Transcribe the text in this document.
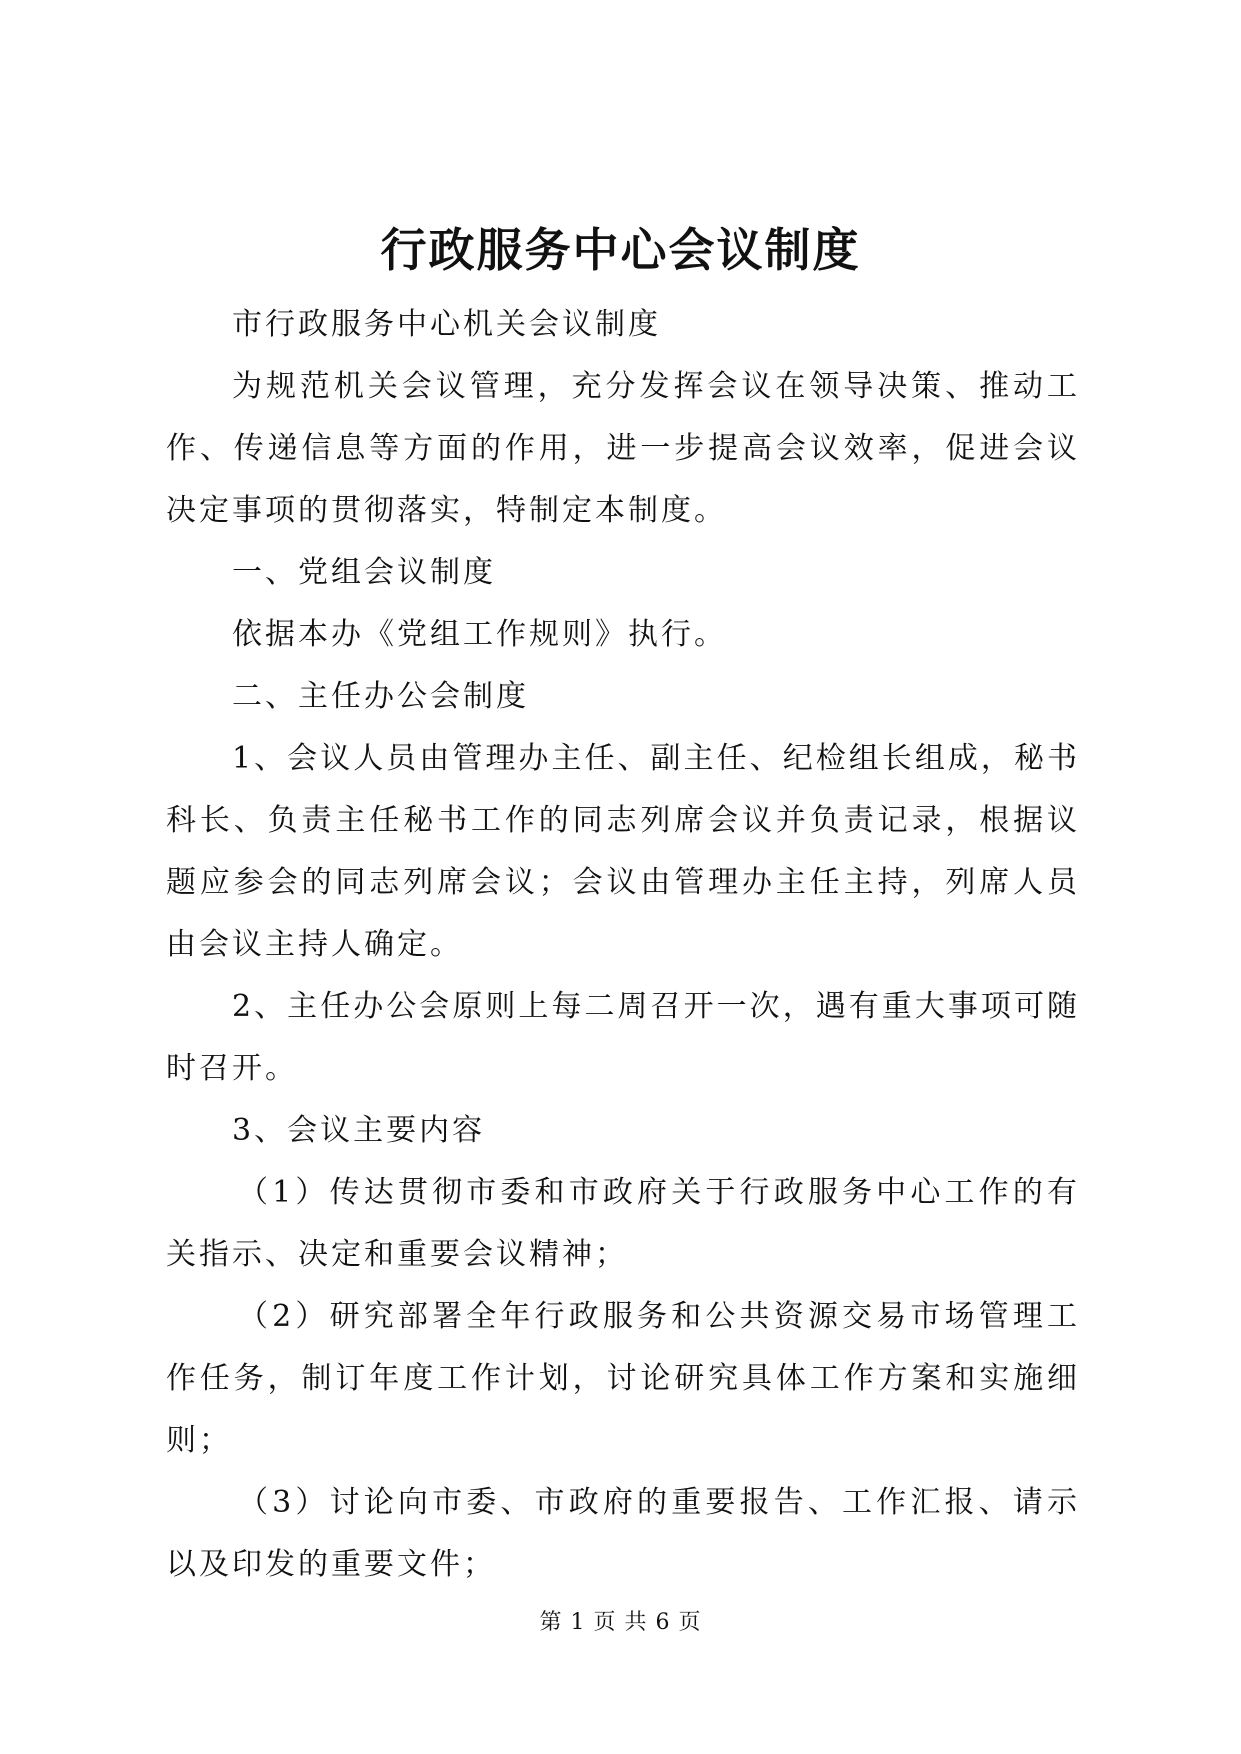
行政服务中心会议制度

市行政服务中心机关会议制度

为规范机关会议管理，充分发挥会议在领导决策、推动工作、传递信息等方面的作用，进一步提高会议效率，促进会议决定事项的贯彻落实，特制定本制度。

一、党组会议制度

依据本办《党组工作规则》执行。

二、主任办公会制度

1、会议人员由管理办主任、副主任、纪检组长组成，秘书科长、负责主任秘书工作的同志列席会议并负责记录，根据议题应参会的同志列席会议；会议由管理办主任主持，列席人员由会议主持人确定。

2、主任办公会原则上每二周召开一次，遇有重大事项可随时召开。

3、会议主要内容

（1）传达贯彻市委和市政府关于行政服务中心工作的有关指示、决定和重要会议精神；

（2）研究部署全年行政服务和公共资源交易市场管理工作任务，制订年度工作计划，讨论研究具体工作方案和实施细则；

（3）讨论向市委、市政府的重要报告、工作汇报、请示以及印发的重要文件；

第 1 页 共 6 页
